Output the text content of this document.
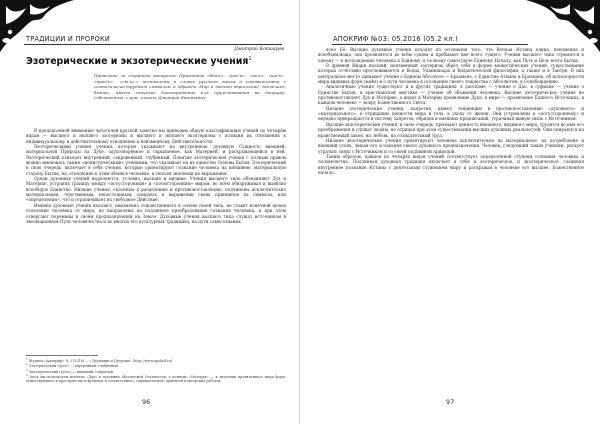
ТРАДИЦИИ И ПРОРОКИ
Дмитрий Кокшаров
Эзотерические и экзотерические учения$^1$
Правильно ли сохранено авторское Пристнейо «бпа'к»-, «рок'к»-, «ах'к»-, «ше'к»-, «прод'к»-, «ст'к»-» поставлены в словах русского языка в соответствии с символически-трудным символом и образом. Мир а значит взросление, всечелиен, бытие, имеет значение благоприятное для существования на поприще, собственные, служ. гласом, Дмитрий Евгеньевич.

В предлагаемой вниманию читателей краткой заметке мы приводим общую классификацию учений по четырём видам — высшего и низшего эзотеризма и высшего и низшего экзотеризма с позиции их отношения к индивидуальному и действительному отношению к неизменному Действительности.

Эзотерическими учения учения, которые указывают на внутреннюю, духовную Сущность внешней, материальной Природы на Духе, одухотворённое и скрываемое, как Материей, и раскрывающейся в ней. Эзотерический означает внутренний, сокровенный, глубинный. Понятие эзотерические учения с полным правом можно именовать также «монистическими» учениями, что указывает на их единство Основы Бытия. Эзотерический в свою очередь, включает в себя учения, которые ориентируют сознание человека на внешнюю, материальную сторону Бытия, на, отношение к этим обеим в человеке, в теплом значении их выражения.

Среди духовных учений выделяются, условно, высшие и низшие. Учения высшего типа объединяют Дух и Материю, устраняя границу между «потусторонним» и «посюсторонним» миром, во всём обнаруживая и выявляя всеобщую Единство. Низшие учения, склонные к разделению и противопоставлению, подчинены исключительно материальным, чувственным, непостоянным, опираясь в выражении своих принципов на символы, или «определения», что и ограничивает их свободное Действие.

Именно духовные учения высшего, неизменно тождественного в основе своей типа, не ставят конечной целью отделение человека от мира, но направлены на подлинное преобразование сознания человека, и при этом отвергают перемены в своём предназначении на Земле. Духовные учения высшего типа служат источником в эволюционном Пути человечества и во многих его культурных традициях, на пути самосознания.

$^1$Журнал «Апокриф» № 3 (2016) — «Традиции и Пророки» (http://www.apokrif.ru).
$^2$Эзотерический (греч.) — внутренний, глубинный.
$^3$Экзотерический (греч.) — внешний, открытый.
$^4$Здесь мы используем понятие «Дух» в значении Абсолютной Реальности, а понятие «Материя» — в значении проявленного мира форм, существующего в пространстве и времени, в соответствии с терминологией, принятой в авторских работах.
96
АПОКРИФ №03: 05.2016 (05.2 кл.)

ясно Её. Высшие духовные учения исходят из осознания того, что Вечная Истина едина, неизменна и всеобъемлюща, она проявляется во всём сущем и пребывает вне всего сущего. Учения высшего типа стремятся к одному — к восхождению человека к Единому, к полному самоотдаче Единому Началу, как Путь и Цель всего Бытия.

В древней Индии высший, неизменный эзотеризм обрёл себя в форме монистических учений, существование которых отчётливо прослеживается в Ведах, Упанишадах и Ведантической философии, а также и в Тантре. В них центральное место занимает учение о Едином Абсолюте — Брахмане, о Единстве Атмана и Брахмана, об иллюзорности мира видимых форм (майе) и о пути человека к осознанию своего тождества с Абсолютом, к Освобождению.

Аналогичные учения существуют и в других традициях: в даосизме — учение о Дао, в суфизме — учение о Единстве Бытия, в христианской мистике — учение об обожении человека. Высшее эзотерическое учение не противопоставляет Дух и Материю, а видит в Материи проявление Духа, в мире — проявление Единого Источника, в каждом человеке — искру Божественного Света.

Низшие эзотерические учения, напротив, имеют тенденцию к противопоставлению «духовного» и «материального», к отрицанию ценности мира и тела, к уходу от жизни. Они устремлены к «потустороннему» и нередко превращаются в систему запретов, обрядов и внешних предписаний, утрачивая живую связь с Источником.

Высшие экзотерические учения, в свою очередь, признают ценность внешнего, видимого мира, трудятся во имя его преображения и служат людям, не отрицая при этом существования высших духовных реальностей. Они опираются на нравственный закон, на любовь, на созидательный труд.

Низшие экзотерические учения ориентируют человека исключительно на материальное, на потребление и внешний успех, лишая его осознания своего духовного предназначения. Человек, следующий таким учениям, рискует утратить связь с Источником и со своей подлинной природой.

Таким образом, каждое из четырёх видов учений соответствует определённой ступени сознания человека и человечества. Подлинная духовная традиция включает в себя и эзотерическое, и экзотерическое, соединяя внутреннее познание Истины с деятельным служением миру и раскрывая в человеке его высшее, Божественное начало.

97
